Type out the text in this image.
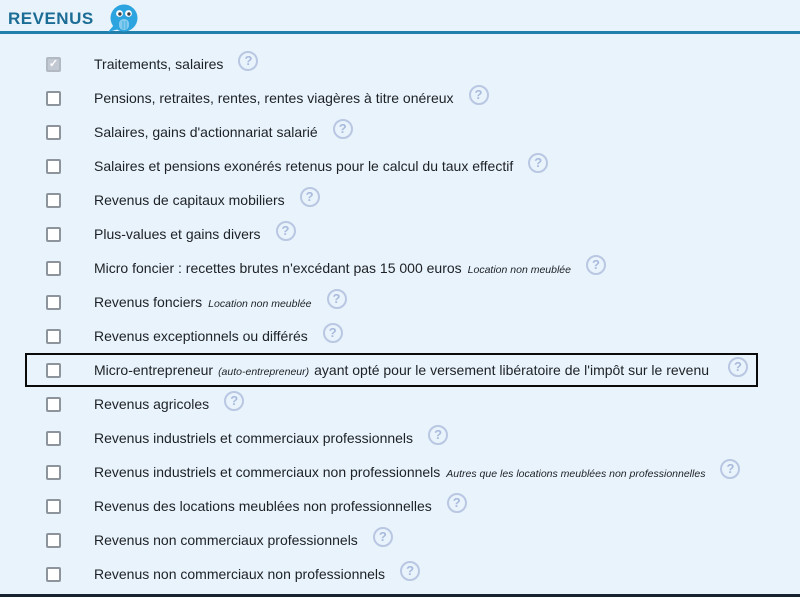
REVENUS
✓	Traitements, salaires	?
Pensions, retraites, rentes, rentes viagères à titre onéreux	?
Salaires, gains d'actionnariat salarié	?
Salaires et pensions exonérés retenus pour le calcul du taux effectif	?
Revenus de capitaux mobiliers	?
Plus-values et gains divers	?
Micro foncier : recettes brutes n'excédant pas 15 000 euros Location non meublée	?
Revenus fonciers Location non meublée	?
Revenus exceptionnels ou différés	?
Micro-entrepreneur (auto-entrepreneur) ayant opté pour le versement libératoire de l'impôt sur le revenu	?
Revenus agricoles	?
Revenus industriels et commerciaux professionnels	?
Revenus industriels et commerciaux non professionnels Autres que les locations meublées non professionnelles	?
Revenus des locations meublées non professionnelles	?
Revenus non commerciaux professionnels	?
Revenus non commerciaux non professionnels	?
